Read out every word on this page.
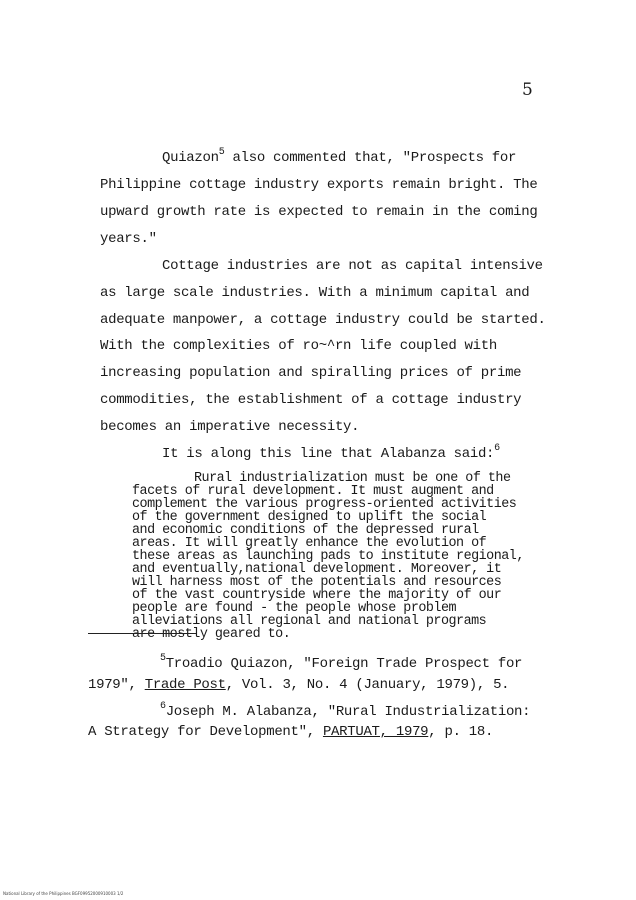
5
Quiazon$^5$ also commented that, "Prospects for
Philippine cottage industry exports remain bright. The
upward growth rate is expected to remain in the coming
years."
Cottage industries are not as capital intensive
as large scale industries. With a minimum capital and
adequate manpower, a cottage industry could be started.
With the complexities of ro~^rn life coupled with
increasing population and spiralling prices of prime
commodities, the establishment of a cottage industry
becomes an imperative necessity.
It is along this line that Alabanza said:$^6$
Rural industrialization must be one of the
facets of rural development. It must augment and
complement the various progress-oriented activities
of the government designed to uplift the social
and economic conditions of the depressed rural
areas. It will greatly enhance the evolution of
these areas as launching pads to institute regional,
and eventually,national development. Moreover, it
will harness most of the potentials and resources
of the vast countryside where the majority of our
people are found - the people whose problem
alleviations all regional and national programs
are mostly geared to.
$^5$Troadio Quiazon, "Foreign Trade Prospect for
1979", Trade Post, Vol. 3, No. 4 (January, 1979), 5.
$^6$Joseph M. Alabanza, "Rural Industrialization:
A Strategy for Development", PARTUAT, 1979, p. 18.
National Library of the Philippines BGF09952000910003 1/2
